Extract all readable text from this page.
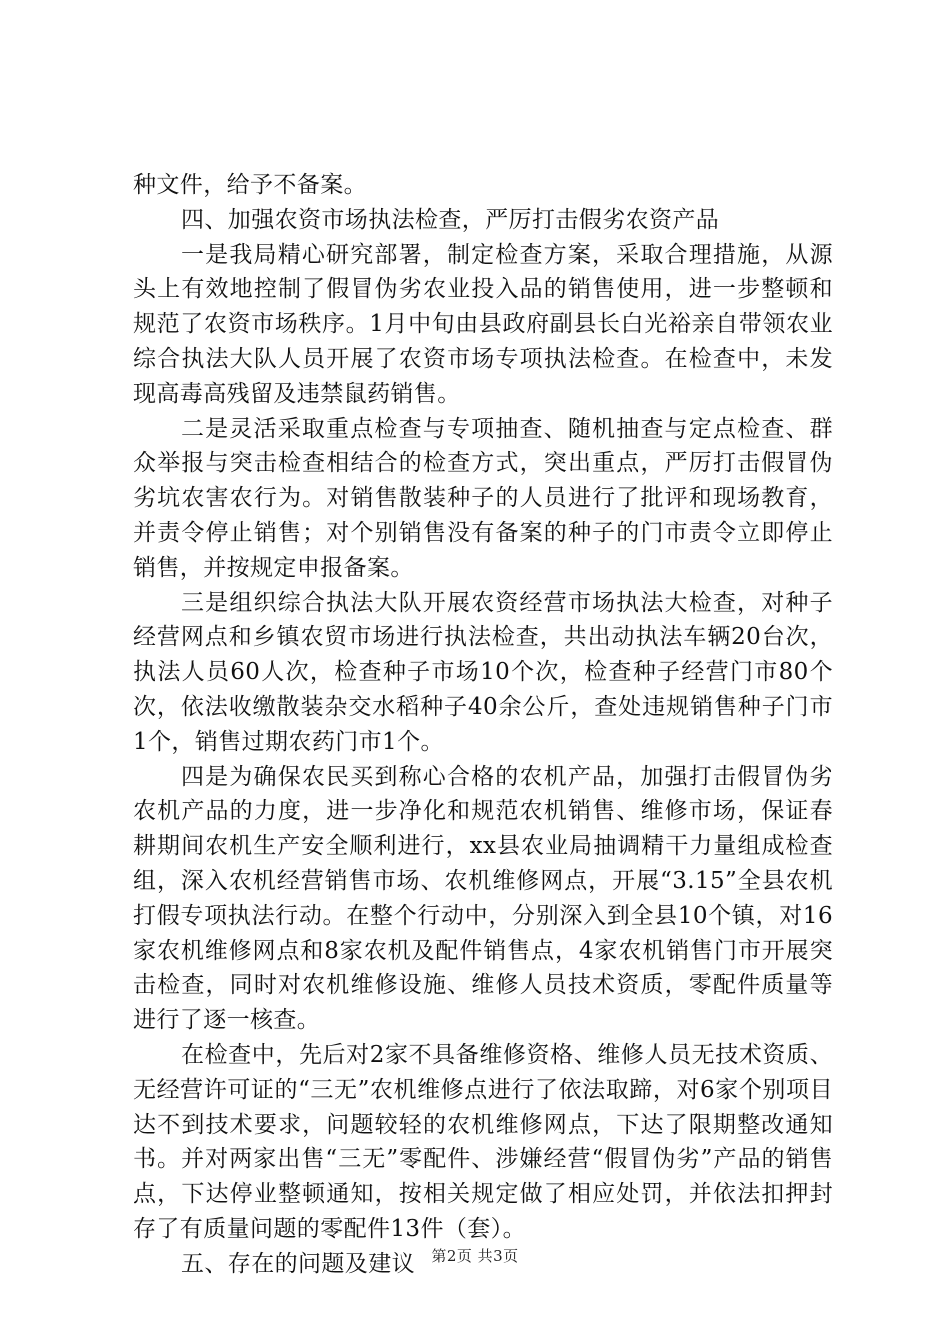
种文件，给予不备案。

四、加强农资市场执法检查，严厉打击假劣农资产品

一是我局精心研究部署，制定检查方案，采取合理措施，从源头上有效地控制了假冒伪劣农业投入品的销售使用，进一步整顿和规范了农资市场秩序。1月中旬由县政府副县长白光裕亲自带领农业综合执法大队人员开展了农资市场专项执法检查。在检查中，未发现高毒高残留及违禁鼠药销售。

二是灵活采取重点检查与专项抽查、随机抽查与定点检查、群众举报与突击检查相结合的检查方式，突出重点，严厉打击假冒伪劣坑农害农行为。对销售散装种子的人员进行了批评和现场教育，并责令停止销售；对个别销售没有备案的种子的门市责令立即停止销售，并按规定申报备案。

三是组织综合执法大队开展农资经营市场执法大检查，对种子经营网点和乡镇农贸市场进行执法检查，共出动执法车辆20台次，执法人员60人次，检查种子市场10个次，检查种子经营门市80个次，依法收缴散装杂交水稻种子40余公斤，查处违规销售种子门市1个，销售过期农药门市1个。

四是为确保农民买到称心合格的农机产品，加强打击假冒伪劣农机产品的力度，进一步净化和规范农机销售、维修市场，保证春耕期间农机生产安全顺利进行，xx县农业局抽调精干力量组成检查组，深入农机经营销售市场、农机维修网点，开展“3.15”全县农机打假专项执法行动。在整个行动中，分别深入到全县10个镇，对16家农机维修网点和8家农机及配件销售点，4家农机销售门市开展突击检查，同时对农机维修设施、维修人员技术资质，零配件质量等进行了逐一核查。

在检查中，先后对2家不具备维修资格、维修人员无技术资质、无经营许可证的“三无”农机维修点进行了依法取蹄，对6家个别项目达不到技术要求，问题较轻的农机维修网点，下达了限期整改通知书。并对两家出售“三无”零配件、涉嫌经营“假冒伪劣”产品的销售点，下达停业整顿通知，按相关规定做了相应处罚，并依法扣押封存了有质量问题的零配件13件（套）。

五、存在的问题及建议	第2页 共3页
